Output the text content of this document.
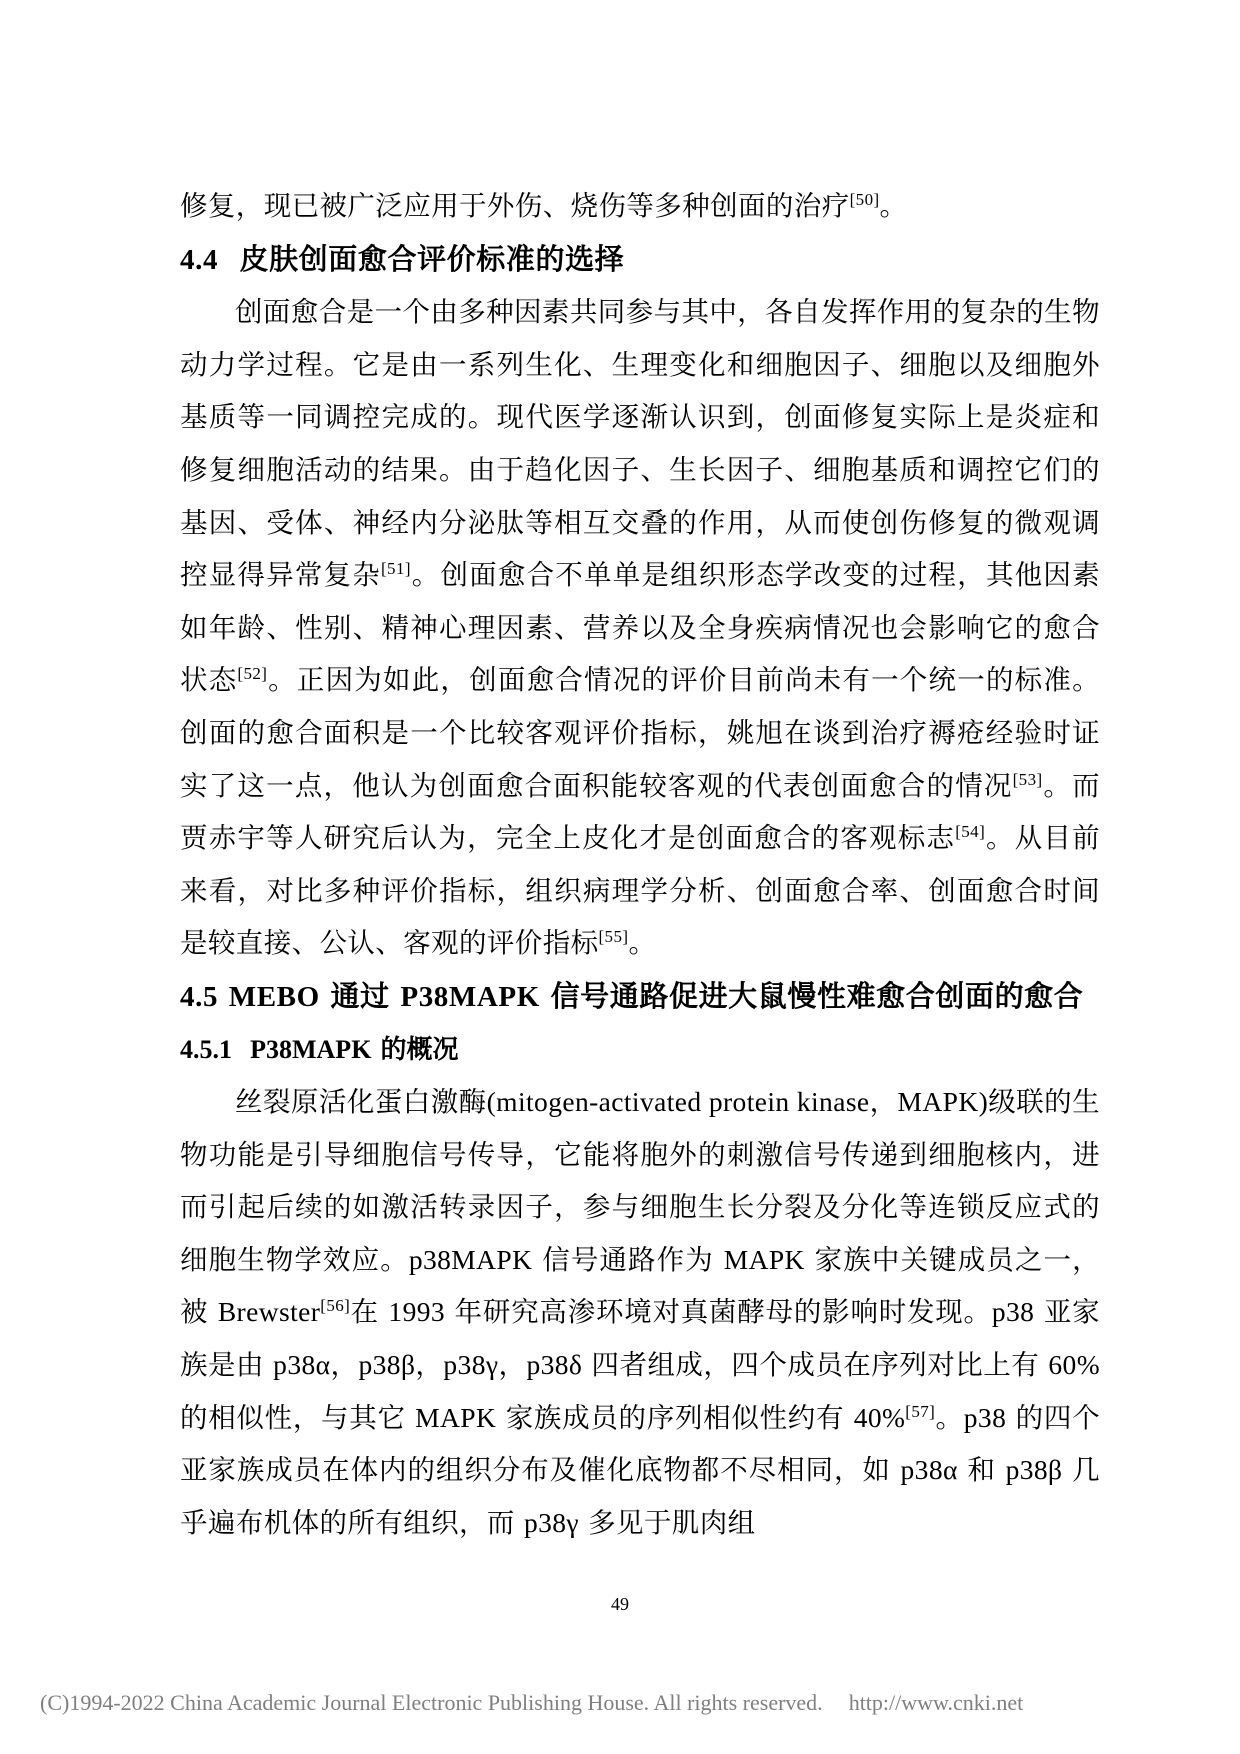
修复，现已被广泛应用于外伤、烧伤等多种创面的治疗[50]。

4.4 皮肤创面愈合评价标准的选择

创面愈合是一个由多种因素共同参与其中，各自发挥作用的复杂的生物动力学过程。它是由一系列生化、生理变化和细胞因子、细胞以及细胞外基质等一同调控完成的。现代医学逐渐认识到，创面修复实际上是炎症和修复细胞活动的结果。由于趋化因子、生长因子、细胞基质和调控它们的基因、受体、神经内分泌肽等相互交叠的作用，从而使创伤修复的微观调控显得异常复杂[51]。创面愈合不单单是组织形态学改变的过程，其他因素如年龄、性别、精神心理因素、营养以及全身疾病情况也会影响它的愈合状态[52]。正因为如此，创面愈合情况的评价目前尚未有一个统一的标准。创面的愈合面积是一个比较客观评价指标，姚旭在谈到治疗褥疮经验时证实了这一点，他认为创面愈合面积能较客观的代表创面愈合的情况[53]。而贾赤宇等人研究后认为，完全上皮化才是创面愈合的客观标志[54]。从目前来看，对比多种评价指标，组织病理学分析、创面愈合率、创面愈合时间是较直接、公认、客观的评价指标[55]。

4.5 MEBO 通过 P38MAPK 信号通路促进大鼠慢性难愈合创面的愈合
4.5.1 P38MAPK 的概况

丝裂原活化蛋白激酶(mitogen-activated protein kinase，MAPK)级联的生物功能是引导细胞信号传导，它能将胞外的刺激信号传递到细胞核内，进而引起后续的如激活转录因子，参与细胞生长分裂及分化等连锁反应式的细胞生物学效应。p38MAPK 信号通路作为 MAPK 家族中关键成员之一，被 Brewster[56]在 1993 年研究高渗环境对真菌酵母的影响时发现。p38 亚家族是由 p38α，p38β，p38γ，p38δ 四者组成，四个成员在序列对比上有 60%的相似性，与其它 MAPK 家族成员的序列相似性约有 40%[57]。p38 的四个亚家族成员在体内的组织分布及催化底物都不尽相同，如 p38α 和 p38β 几乎遍布机体的所有组织，而 p38γ 多见于肌肉组

49
(C)1994-2022 China Academic Journal Electronic Publishing House. All rights reserved. http://www.cnki.net
